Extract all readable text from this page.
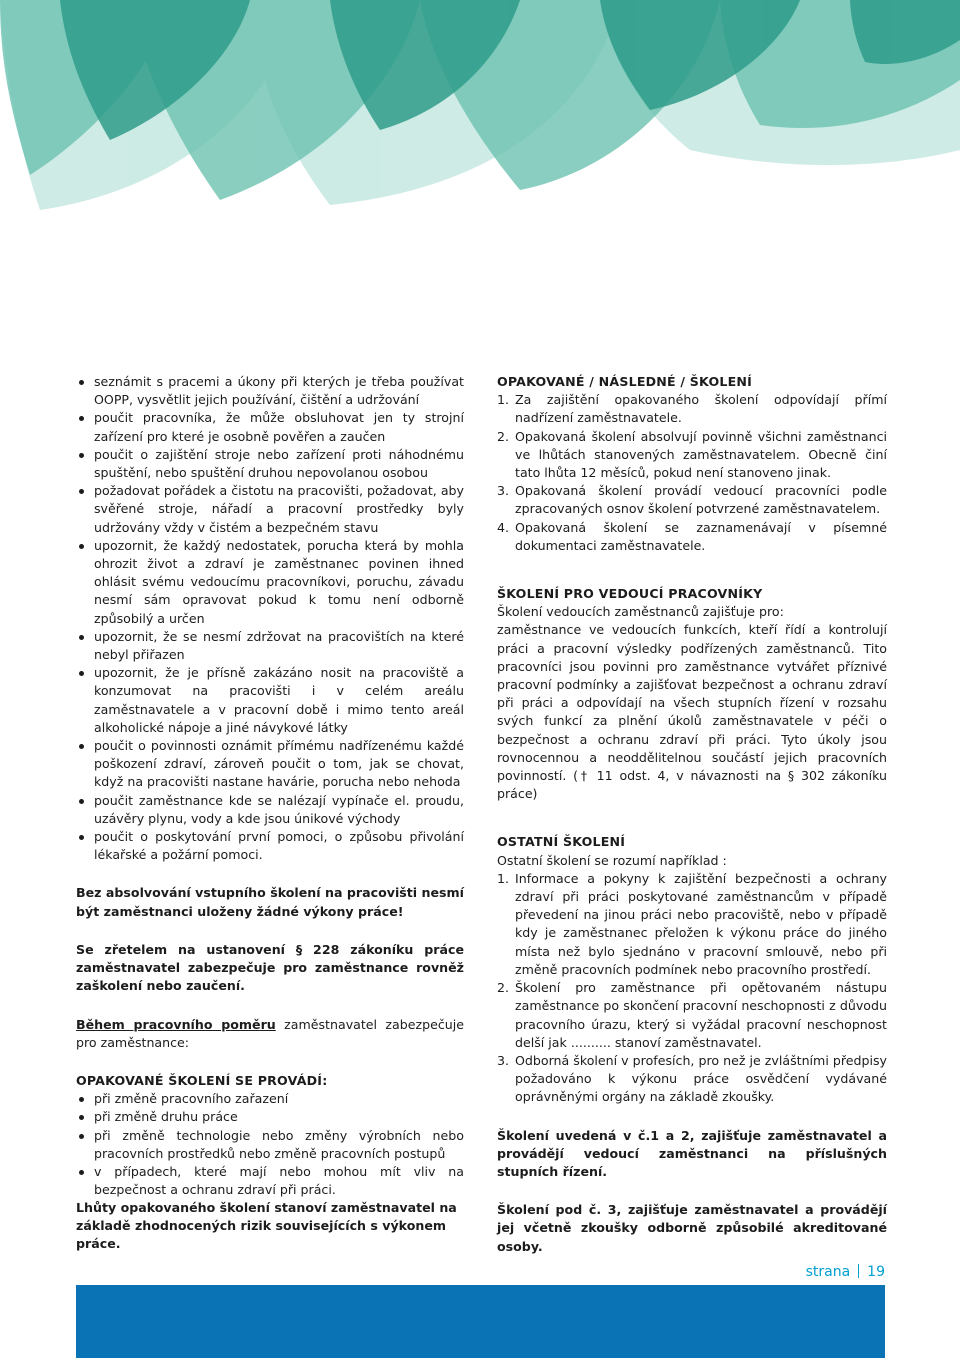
seznámit s pracemi a úkony při kterých je třeba používat OOPP, vysvětlit jejich používání, čištění a udržování
poučit pracovníka, že může obsluhovat jen ty strojní zařízení pro které je osobně pověřen a zaučen
poučit o zajištění stroje nebo zařízení proti náhodnému spuštění, nebo spuštění druhou nepovolanou osobou
požadovat pořádek a čistotu na pracovišti, požadovat, aby svěřené stroje, nářadí a pracovní prostředky byly udržovány vždy v čistém a bezpečném stavu
upozornit, že každý nedostatek, porucha která by mohla ohrozit život a zdraví je zaměstnanec povinen ihned ohlásit svému vedoucímu pracovníkovi, poruchu, závadu nesmí sám opravovat pokud k tomu není odborně způsobilý a určen
upozornit, že se nesmí zdržovat na pracovištích na které nebyl přiřazen
upozornit, že je přísně zakázáno nosit na pracoviště a konzumovat na pracovišti i v celém areálu zaměstnavatele a v pracovní době i mimo tento areál alkoholické nápoje a jiné návykové látky
poučit o povinnosti oznámit přímému nadřízenému každé poškození zdraví, zároveň poučit o tom, jak se chovat, když na pracovišti nastane havárie, porucha nebo nehoda
poučit zaměstnance kde se nalézají vypínače el. proudu, uzávěry plynu, vody a kde jsou únikové východy
poučit o poskytování první pomoci, o způsobu přivolání lékařské a požární pomoci.

Bez absolvování vstupního školení na pracovišti nesmí být zaměstnanci uloženy žádné výkony práce!

Se zřetelem na ustanovení § 228 zákoníku práce zaměstnavatel zabezpečuje pro zaměstnance rovněž zaškolení nebo zaučení.

Během pracovního poměru zaměstnavatel zabezpečuje pro zaměstnance:

OPAKOVANÉ ŠKOLENÍ SE PROVÁDÍ:

při změně pracovního zařazení
při změně druhu práce
při změně technologie nebo změny výrobních nebo pracovních prostředků nebo změně pracovních postupů
v případech, které mají nebo mohou mít vliv na bezpečnost a ochranu zdraví při práci.

Lhůty opakovaného školení stanoví zaměstnavatel na základě zhodnocených rizik souvisejících s výkonem práce.

OPAKOVANÉ / NÁSLEDNÉ / ŠKOLENÍ

1. Za zajištění opakovaného školení odpovídají přímí nadřízení zaměstnavatele.
2. Opakovaná školení absolvují povinně všichni zaměstnanci ve lhůtách stanovených zaměstnavatelem. Obecně činí tato lhůta 12 měsíců, pokud není stanoveno jinak.
3. Opakovaná školení provádí vedoucí pracovníci podle zpracovaných osnov školení potvrzené zaměstnavatelem.
4. Opakovaná školení se zaznamenávají v písemné dokumentaci zaměstnavatele.

ŠKOLENÍ PRO VEDOUCÍ PRACOVNÍKY

Školení vedoucích zaměstnanců zajišťuje pro:

zaměstnance ve vedoucích funkcích, kteří řídí a kontrolují práci a pracovní výsledky podřízených zaměstnanců. Tito pracovníci jsou povinni pro zaměstnance vytvářet příznivé pracovní podmínky a zajišťovat bezpečnost a ochranu zdraví při práci a odpovídají na všech stupních řízení v rozsahu svých funkcí za plnění úkolů zaměstnavatele v péči o bezpečnost a ochranu zdraví při práci. Tyto úkoly jsou rovnocennou a neoddělitelnou součástí jejich pracovních povinností. († 11 odst. 4, v návaznosti na § 302 zákoníku práce)

OSTATNÍ ŠKOLENÍ

Ostatní školení se rozumí například :

1. Informace a pokyny k zajištění bezpečnosti a ochrany zdraví při práci poskytované zaměstnancům v případě převedení na jinou práci nebo pracoviště, nebo v případě kdy je zaměstnanec přeložen k výkonu práce do jiného místa než bylo sjednáno v pracovní smlouvě, nebo při změně pracovních podmínek nebo pracovního prostředí.
2. Školení pro zaměstnance při opětovaném nástupu zaměstnance po skončení pracovní neschopnosti z důvodu pracovního úrazu, který si vyžádal pracovní neschopnost delší jak .......... stanoví zaměstnavatel.
3. Odborná školení v profesích, pro než je zvláštními předpisy požadováno k výkonu práce osvědčení vydávané oprávněnými orgány na základě zkoušky.

Školení uvedená v č.1 a 2, zajišťuje zaměstnavatel a provádějí vedoucí zaměstnanci na příslušných stupních řízení.

Školení pod č. 3, zajišťuje zaměstnavatel a provádějí jej včetně zkoušky odborně způsobilé akreditované osoby.

strana 19
